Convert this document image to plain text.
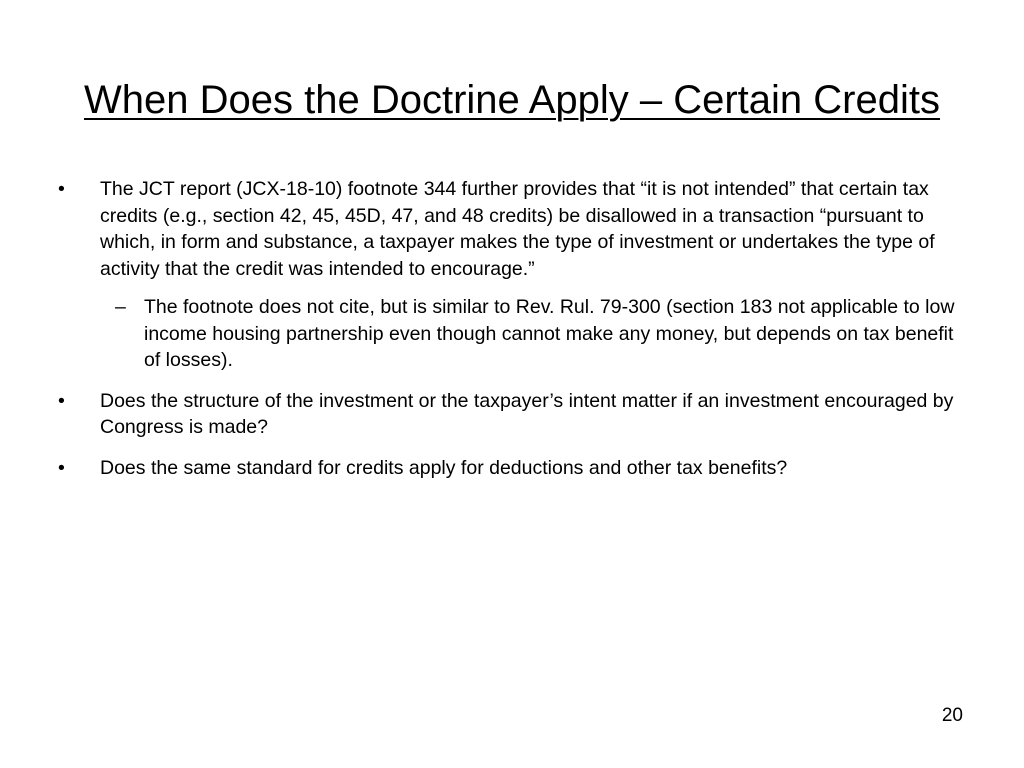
When Does the Doctrine Apply – Certain Credits
•	The JCT report (JCX-18-10) footnote 344 further provides that “it is not intended” that certain tax credits (e.g., section 42, 45, 45D, 47, and 48 credits) be disallowed in a transaction “pursuant to which, in form and substance, a taxpayer makes the type of investment or undertakes the type of activity that the credit was intended to encourage.”
– The footnote does not cite, but is similar to Rev. Rul. 79-300 (section 183 not applicable to low income housing partnership even though cannot make any money, but depends on tax benefit of losses).
•	Does the structure of the investment or the taxpayer’s intent matter if an investment encouraged by Congress is made?
•	Does the same standard for credits apply for deductions and other tax benefits?
20
